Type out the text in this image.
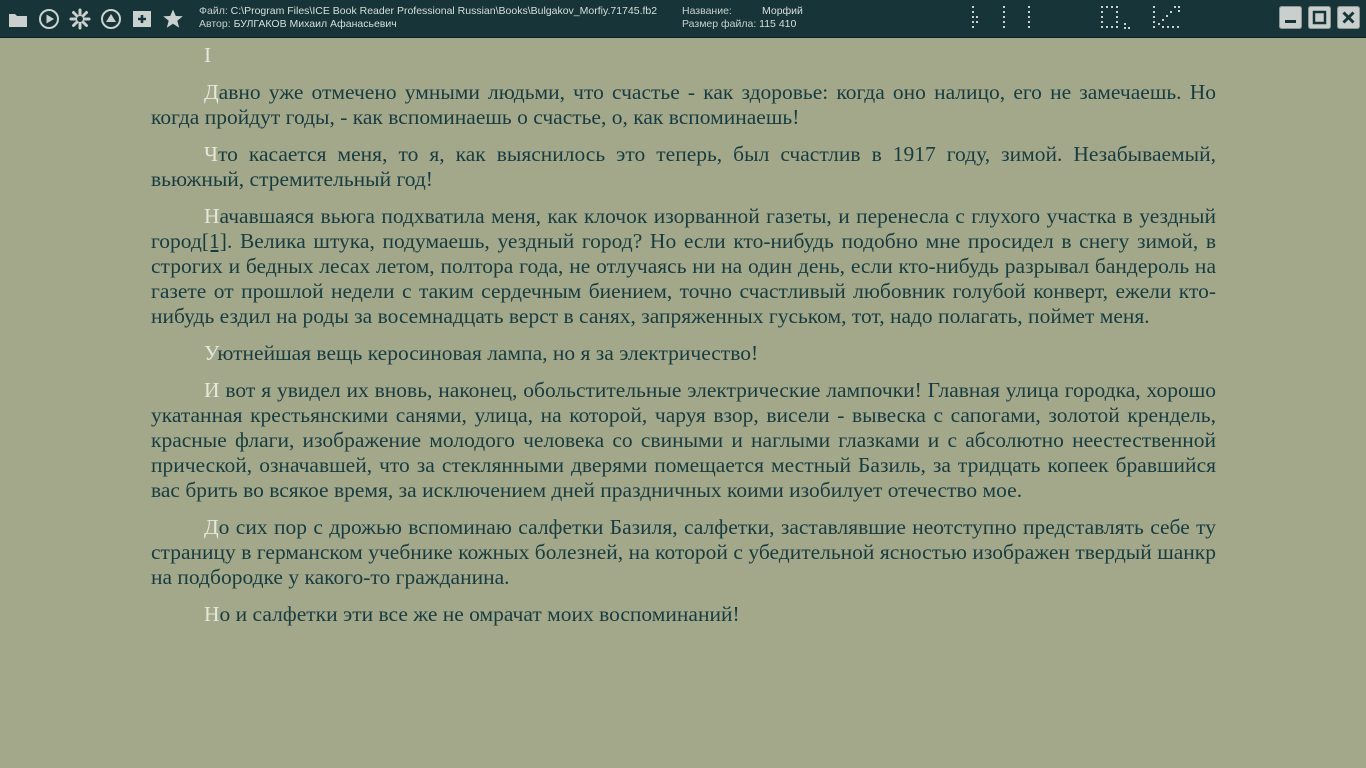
Файл: C:\Program Files\ICE Book Reader Professional Russian\Books\Bulgakov_Morfiy.71745.fb2
Автор: БУЛГАКОВ Михаил Афанасьевич
Название:	Морфий
Размер файла: 115 410
I

Давно уже отмечено умными людьми, что счастье - как здоровье: когда оно налицо, его не замечаешь. Но когда пройдут годы, - как вспоминаешь о счастье, о, как вспоминаешь!

Что касается меня, то я, как выяснилось это теперь, был счастлив в 1917 году, зимой. Незабываемый, вьюжный, стремительный год!

Начавшаяся вьюга подхватила меня, как клочок изорванной газеты, и перенесла с глухого участка в уездный город[1]. Велика штука, подумаешь, уездный город? Но если кто-нибудь подобно мне просидел в снегу зимой, в строгих и бедных лесах летом, полтора года, не отлучаясь ни на один день, если кто-нибудь разрывал бандероль на газете от прошлой недели с таким сердечным биением, точно счастливый любовник голубой конверт, ежели кто-нибудь ездил на роды за восемнадцать верст в санях, запряженных гуськом, тот, надо полагать, поймет меня.

Уютнейшая вещь керосиновая лампа, но я за электричество!

И вот я увидел их вновь, наконец, обольстительные электрические лампочки! Главная улица городка, хорошо укатанная крестьянскими санями, улица, на которой, чаруя взор, висели - вывеска с сапогами, золотой крендель, красные флаги, изображение молодого человека со свиными и наглыми глазками и с абсолютно неестественной прической, означавшей, что за стеклянными дверями помещается местный Базиль, за тридцать копеек бравшийся вас брить во всякое время, за исключением дней праздничных коими изобилует отечество мое.

До сих пор с дрожью вспоминаю салфетки Базиля, салфетки, заставлявшие неотступно представлять себе ту страницу в германском учебнике кожных болезней, на которой с убедительной ясностью изображен твердый шанкр на подбородке у какого-то гражданина.

Но и салфетки эти все же не омрачат моих воспоминаний!
